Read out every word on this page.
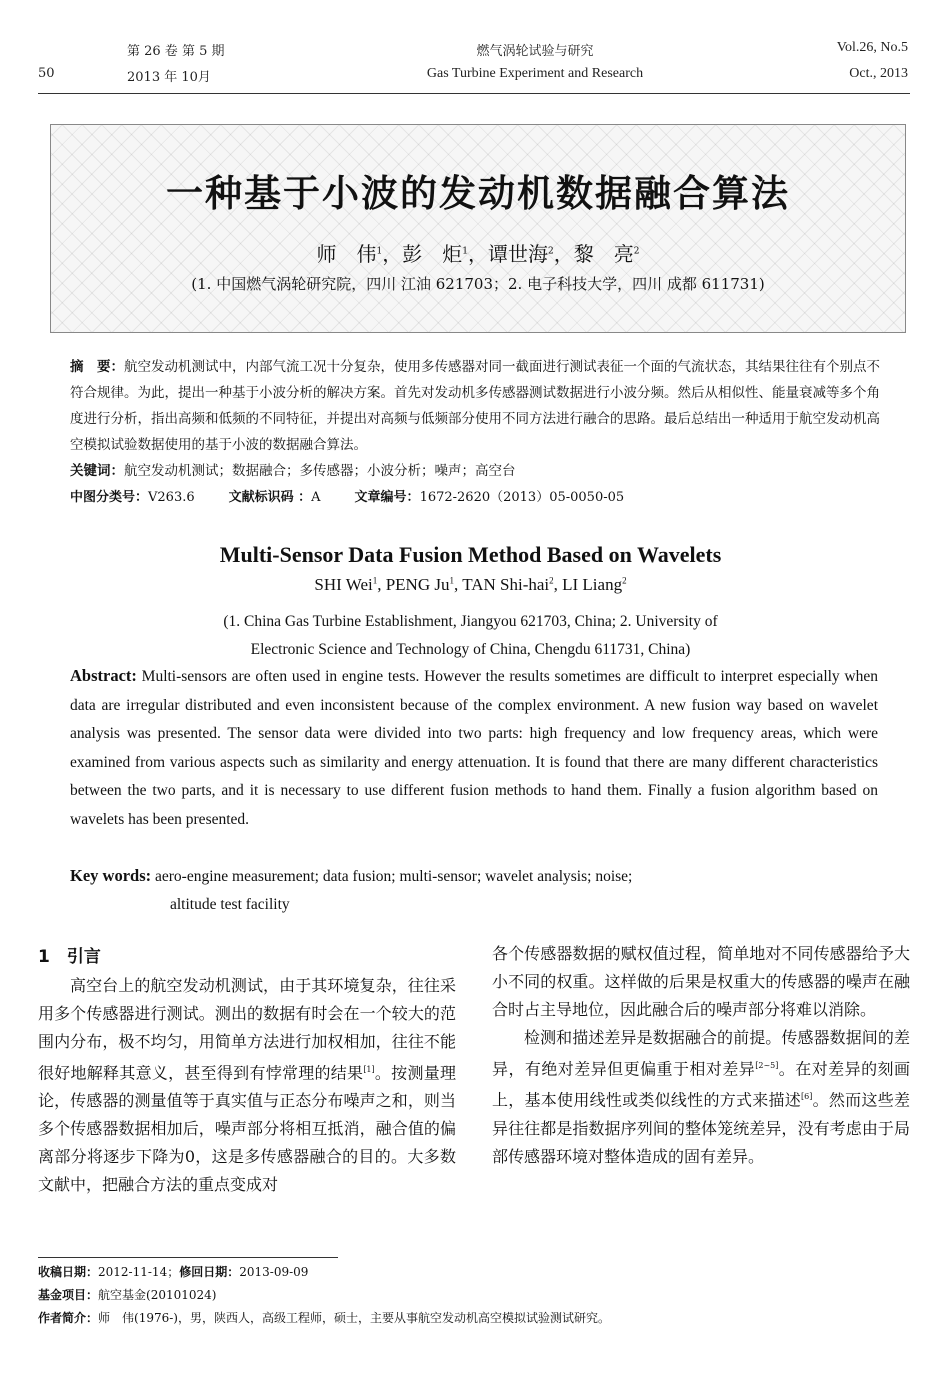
50
第 26 卷 第 5 期
2013 年 10月
燃气涡轮试验与研究
Gas Turbine Experiment and Research
Vol.26, No.5
Oct., 2013
一种基于小波的发动机数据融合算法
师　伟$^1$，彭　炬$^1$，谭世海$^2$，黎　亮$^2$
(1. 中国燃气涡轮研究院，四川 江油 621703；2. 电子科技大学，四川 成都 611731)
摘　要：航空发动机测试中，内部气流工况十分复杂，使用多传感器对同一截面进行测试表征一个面的气流状态，其结果往往有个别点不符合规律。为此，提出一种基于小波分析的解决方案。首先对发动机多传感器测试数据进行小波分频。然后从相似性、能量衰减等多个角度进行分析，指出高频和低频的不同特征，并提出对高频与低频部分使用不同方法进行融合的思路。最后总结出一种适用于航空发动机高空模拟试验数据使用的基于小波的数据融合算法。
关键词：航空发动机测试；数据融合；多传感器；小波分析；噪声；高空台
中图分类号：V263.6	文献标识码 ：A	文章编号：1672-2620（2013）05-0050-05
Multi-Sensor Data Fusion Method Based on Wavelets
SHI Wei$^1$, PENG Ju$^1$, TAN Shi-hai$^2$, LI Liang$^2$
(1. China Gas Turbine Establishment, Jiangyou 621703, China; 2. University of
Electronic Science and Technology of China, Chengdu 611731, China)
Abstract: Multi-sensors are often used in engine tests. However the results sometimes are difficult to interpret especially when data are irregular distributed and even inconsistent because of the complex environment. A new fusion way based on wavelet analysis was presented. The sensor data were divided into two parts: high frequency and low frequency areas, which were examined from various aspects such as similarity and energy attenuation. It is found that there are many different characteristics between the two parts, and it is necessary to use different fusion methods to hand them. Finally a fusion algorithm based on wavelets has been presented.
Key words: aero-engine measurement; data fusion; multi-sensor; wavelet analysis; noise;
altitude test facility
1　引言
高空台上的航空发动机测试，由于其环境复杂，往往采用多个传感器进行测试。测出的数据有时会在一个较大的范围内分布，极不均匀，用简单方法进行加权相加，往往不能很好地解释其意义，甚至得到有悖常理的结果[1]。按测量理论，传感器的测量值等于真实值与正态分布噪声之和，则当多个传感器数据相加后，噪声部分将相互抵消，融合值的偏离部分将逐步下降为0，这是多传感器融合的目的。大多数文献中，把融合方法的重点变成对
各个传感器数据的赋权值过程，简单地对不同传感器给予大小不同的权重。这样做的后果是权重大的传感器的噪声在融合时占主导地位，因此融合后的噪声部分将难以消除。
检测和描述差异是数据融合的前提。传感器数据间的差异，有绝对差异但更偏重于相对差异[2~5]。在对差异的刻画上，基本使用线性或类似线性的方式来描述[6]。然而这些差异往往都是指数据序列间的整体笼统差异，没有考虑由于局部传感器环境对整体造成的固有差异。
收稿日期：2012-11-14；修回日期：2013-09-09
基金项目：航空基金(20101024)
作者简介：师　伟(1976-)，男，陕西人，高级工程师，硕士，主要从事航空发动机高空模拟试验测试研究。
